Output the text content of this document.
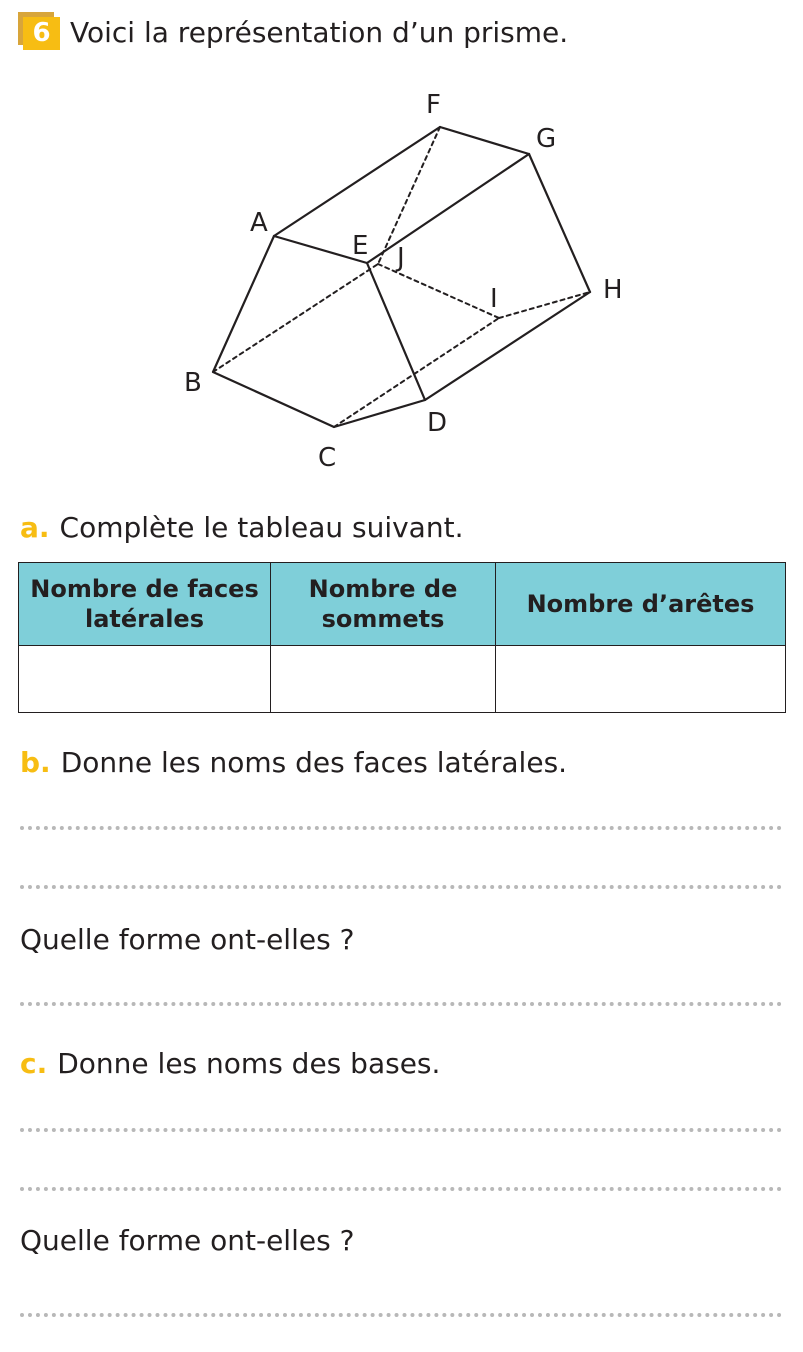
6 Voici la représentation d’un prisme.
F
G
A
E J
H
I
B
D
C
a. Complète le tableau suivant.
Nombre de faces latérales	Nombre de sommets	Nombre d’arêtes

b. Donne les noms des faces latérales.
Quelle forme ont-elles ?
c. Donne les noms des bases.
Quelle forme ont-elles ?
